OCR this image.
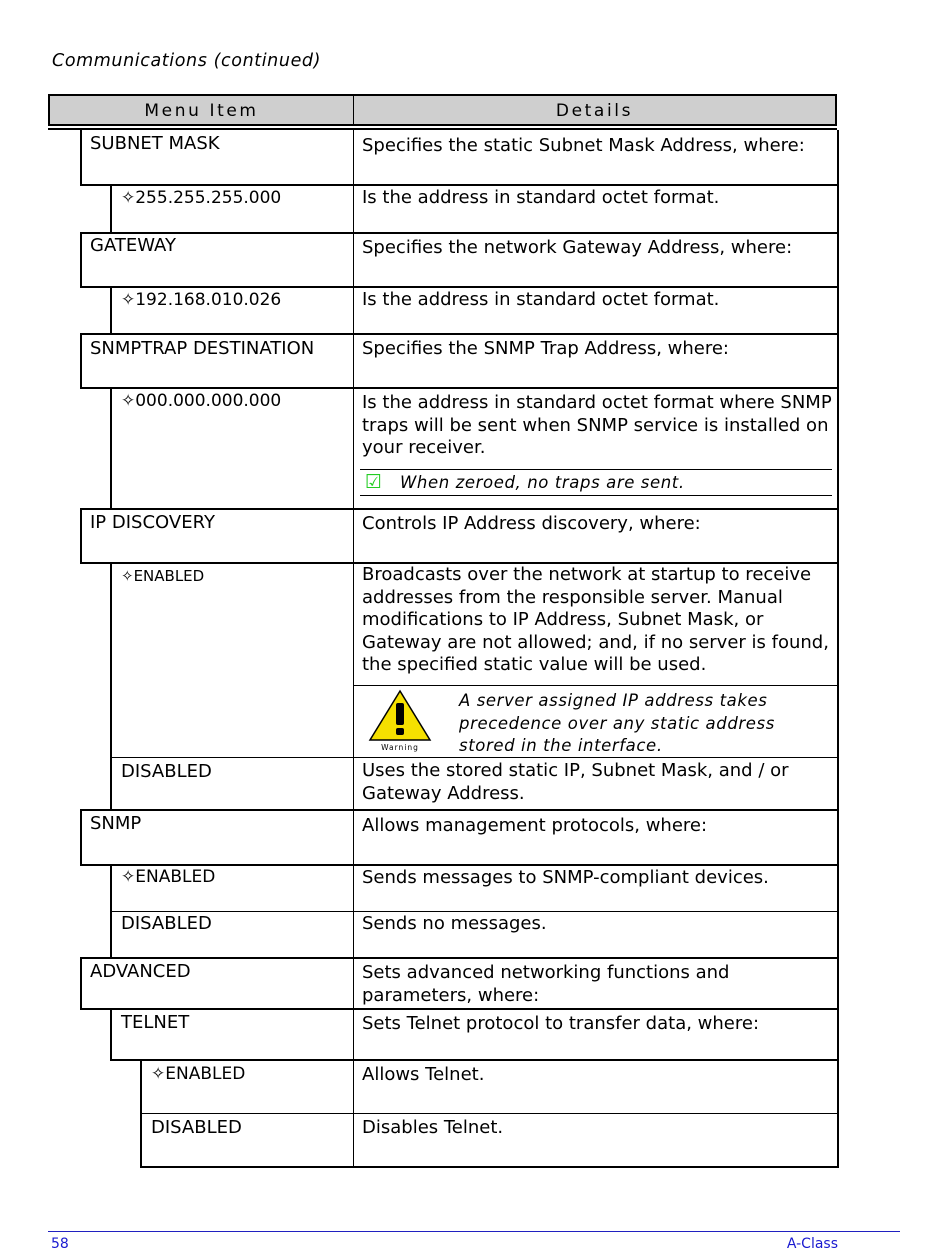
Communications (continued)
Menu Item	Details
SUBNET MASK	Specifies the static Subnet Mask Address, where:
✧255.255.255.000	Is the address in standard octet format.
GATEWAY	Specifies the network Gateway Address, where:
✧192.168.010.026	Is the address in standard octet format.
SNMPTRAP DESTINATION	Specifies the SNMP Trap Address, where:
✧000.000.000.000	Is the address in standard octet format where SNMP traps will be sent when SNMP service is installed on your receiver.
☑ When zeroed, no traps are sent.
IP DISCOVERY	Controls IP Address discovery, where:
✧ENABLED	Broadcasts over the network at startup to receive addresses from the responsible server. Manual modifications to IP Address, Subnet Mask, or Gateway are not allowed; and, if no server is found, the specified static value will be used.
Warning
A server assigned IP address takes precedence over any static address stored in the interface.
DISABLED	Uses the stored static IP, Subnet Mask, and / or Gateway Address.
SNMP	Allows management protocols, where:
✧ENABLED	Sends messages to SNMP-compliant devices.
DISABLED	Sends no messages.
ADVANCED	Sets advanced networking functions and parameters, where:
TELNET	Sets Telnet protocol to transfer data, where:
✧ENABLED	Allows Telnet.
DISABLED	Disables Telnet.
58	A-Class
